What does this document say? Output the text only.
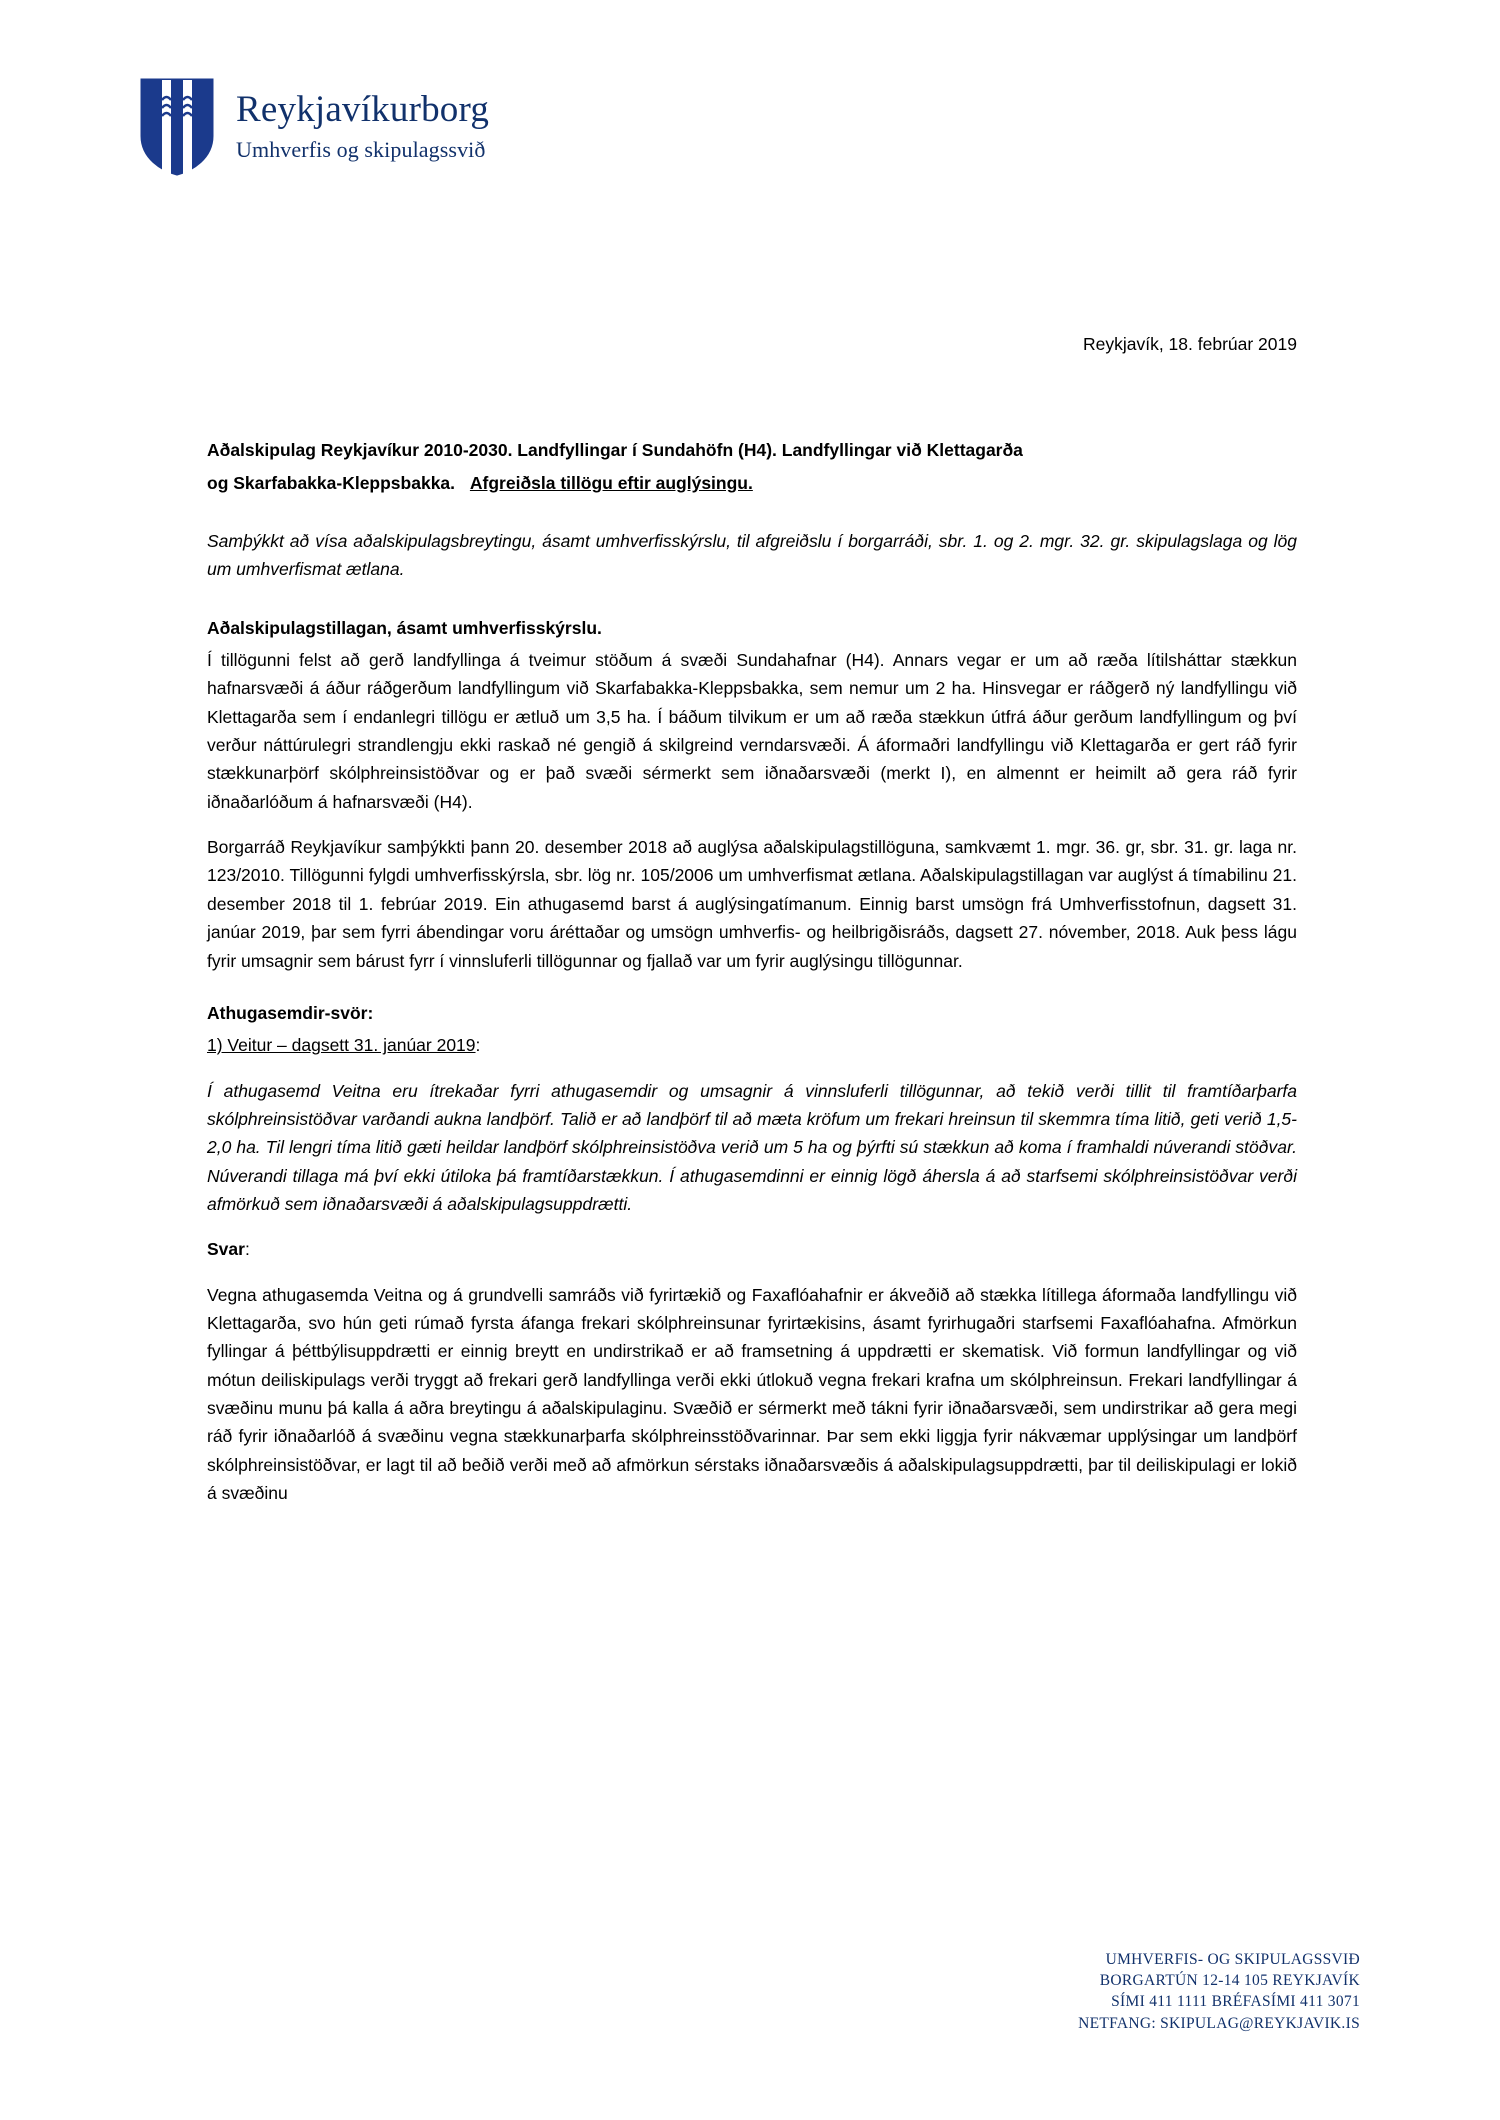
Reykjavíkurborg
Umhverfis og skipulagssvið
Reykjavík, 18. febrúar 2019

Aðalskipulag Reykjavíkur 2010-2030. Landfyllingar í Sundahöfn (H4). Landfyllingar við Klettagarða

og Skarfabakka-Kleppsbakka. Afgreiðsla tillögu eftir auglýsingu.

Samþýkkt að vísa aðalskipulagsbreytingu, ásamt umhverfisskýrslu, til afgreiðslu í borgarráði, sbr. 1. og 2. mgr. 32. gr. skipulagslaga og lög um umhverfismat ætlana.

Aðalskipulagstillagan, ásamt umhverfisskýrslu.

Í tillögunni felst að gerð landfyllinga á tveimur stöðum á svæði Sundahafnar (H4). Annars vegar er um að ræða lítilsháttar stækkun hafnarsvæði á áður ráðgerðum landfyllingum við Skarfabakka-Kleppsbakka, sem nemur um 2 ha. Hinsvegar er ráðgerð ný landfyllingu við Klettagarða sem í endanlegri tillögu er ætluð um 3,5 ha. Í báðum tilvikum er um að ræða stækkun útfrá áður gerðum landfyllingum og því verður náttúrulegri strandlengju ekki raskað né gengið á skilgreind verndarsvæði. Á áformaðri landfyllingu við Klettagarða er gert ráð fyrir stækkunarþörf skólphreinsistöðvar og er það svæði sérmerkt sem iðnaðarsvæði (merkt I), en almennt er heimilt að gera ráð fyrir iðnaðarlóðum á hafnarsvæði (H4).

Borgarráð Reykjavíkur samþýkkti þann 20. desember 2018 að auglýsa aðalskipulagstillöguna, samkvæmt 1. mgr. 36. gr, sbr. 31. gr. laga nr. 123/2010. Tillögunni fylgdi umhverfisskýrsla, sbr. lög nr. 105/2006 um umhverfismat ætlana. Aðalskipulagstillagan var auglýst á tímabilinu 21. desember 2018 til 1. febrúar 2019. Ein athugasemd barst á auglýsingatímanum. Einnig barst umsögn frá Umhverfisstofnun, dagsett 31. janúar 2019, þar sem fyrri ábendingar voru áréttaðar og umsögn umhverfis- og heilbrigðisráðs, dagsett 27. nóvember, 2018. Auk þess lágu fyrir umsagnir sem bárust fyrr í vinnsluferli tillögunnar og fjallað var um fyrir auglýsingu tillögunnar.

Athugasemdir-svör:

1) Veitur – dagsett 31. janúar 2019:

Í athugasemd Veitna eru ítrekaðar fyrri athugasemdir og umsagnir á vinnsluferli tillögunnar, að tekið verði tillit til framtíðarþarfa skólphreinsistöðvar varðandi aukna landþörf. Talið er að landþörf til að mæta kröfum um frekari hreinsun til skemmra tíma litið, geti verið 1,5-2,0 ha. Til lengri tíma litið gæti heildar landþörf skólphreinsistöðva verið um 5 ha og þýrfti sú stækkun að koma í framhaldi núverandi stöðvar. Núverandi tillaga má því ekki útiloka þá framtíðarstækkun. Í athugasemdinni er einnig lögð áhersla á að starfsemi skólphreinsistöðvar verði afmörkuð sem iðnaðarsvæði á aðalskipulagsuppdrætti.

Svar:

Vegna athugasemda Veitna og á grundvelli samráðs við fyrirtækið og Faxaflóahafnir er ákveðið að stækka lítillega áformaða landfyllingu við Klettagarða, svo hún geti rúmað fyrsta áfanga frekari skólphreinsunar fyrirtækisins, ásamt fyrirhugaðri starfsemi Faxaflóahafna. Afmörkun fyllingar á þéttbýlisuppdrætti er einnig breytt en undirstrikað er að framsetning á uppdrætti er skematisk. Við formun landfyllingar og við mótun deiliskipulags verði tryggt að frekari gerð landfyllinga verði ekki útlokuð vegna frekari krafna um skólphreinsun. Frekari landfyllingar á svæðinu munu þá kalla á aðra breytingu á aðalskipulaginu. Svæðið er sérmerkt með tákni fyrir iðnaðarsvæði, sem undirstrikar að gera megi ráð fyrir iðnaðarlóð á svæðinu vegna stækkunarþarfa skólphreinsstöðvarinnar. Þar sem ekki liggja fyrir nákvæmar upplýsingar um landþörf skólphreinsistöðvar, er lagt til að beðið verði með að afmörkun sérstaks iðnaðarsvæðis á aðalskipulagsuppdrætti, þar til deiliskipulagi er lokið á svæðinu

UMHVERFIS- OG SKIPULAGSSVIÐ
BORGARTÚN 12-14 105 REYKJAVÍK
SÍMI 411 1111 BRÉFASÍMI 411 3071
NETFANG: SKIPULAG@REYKJAVIK.IS
